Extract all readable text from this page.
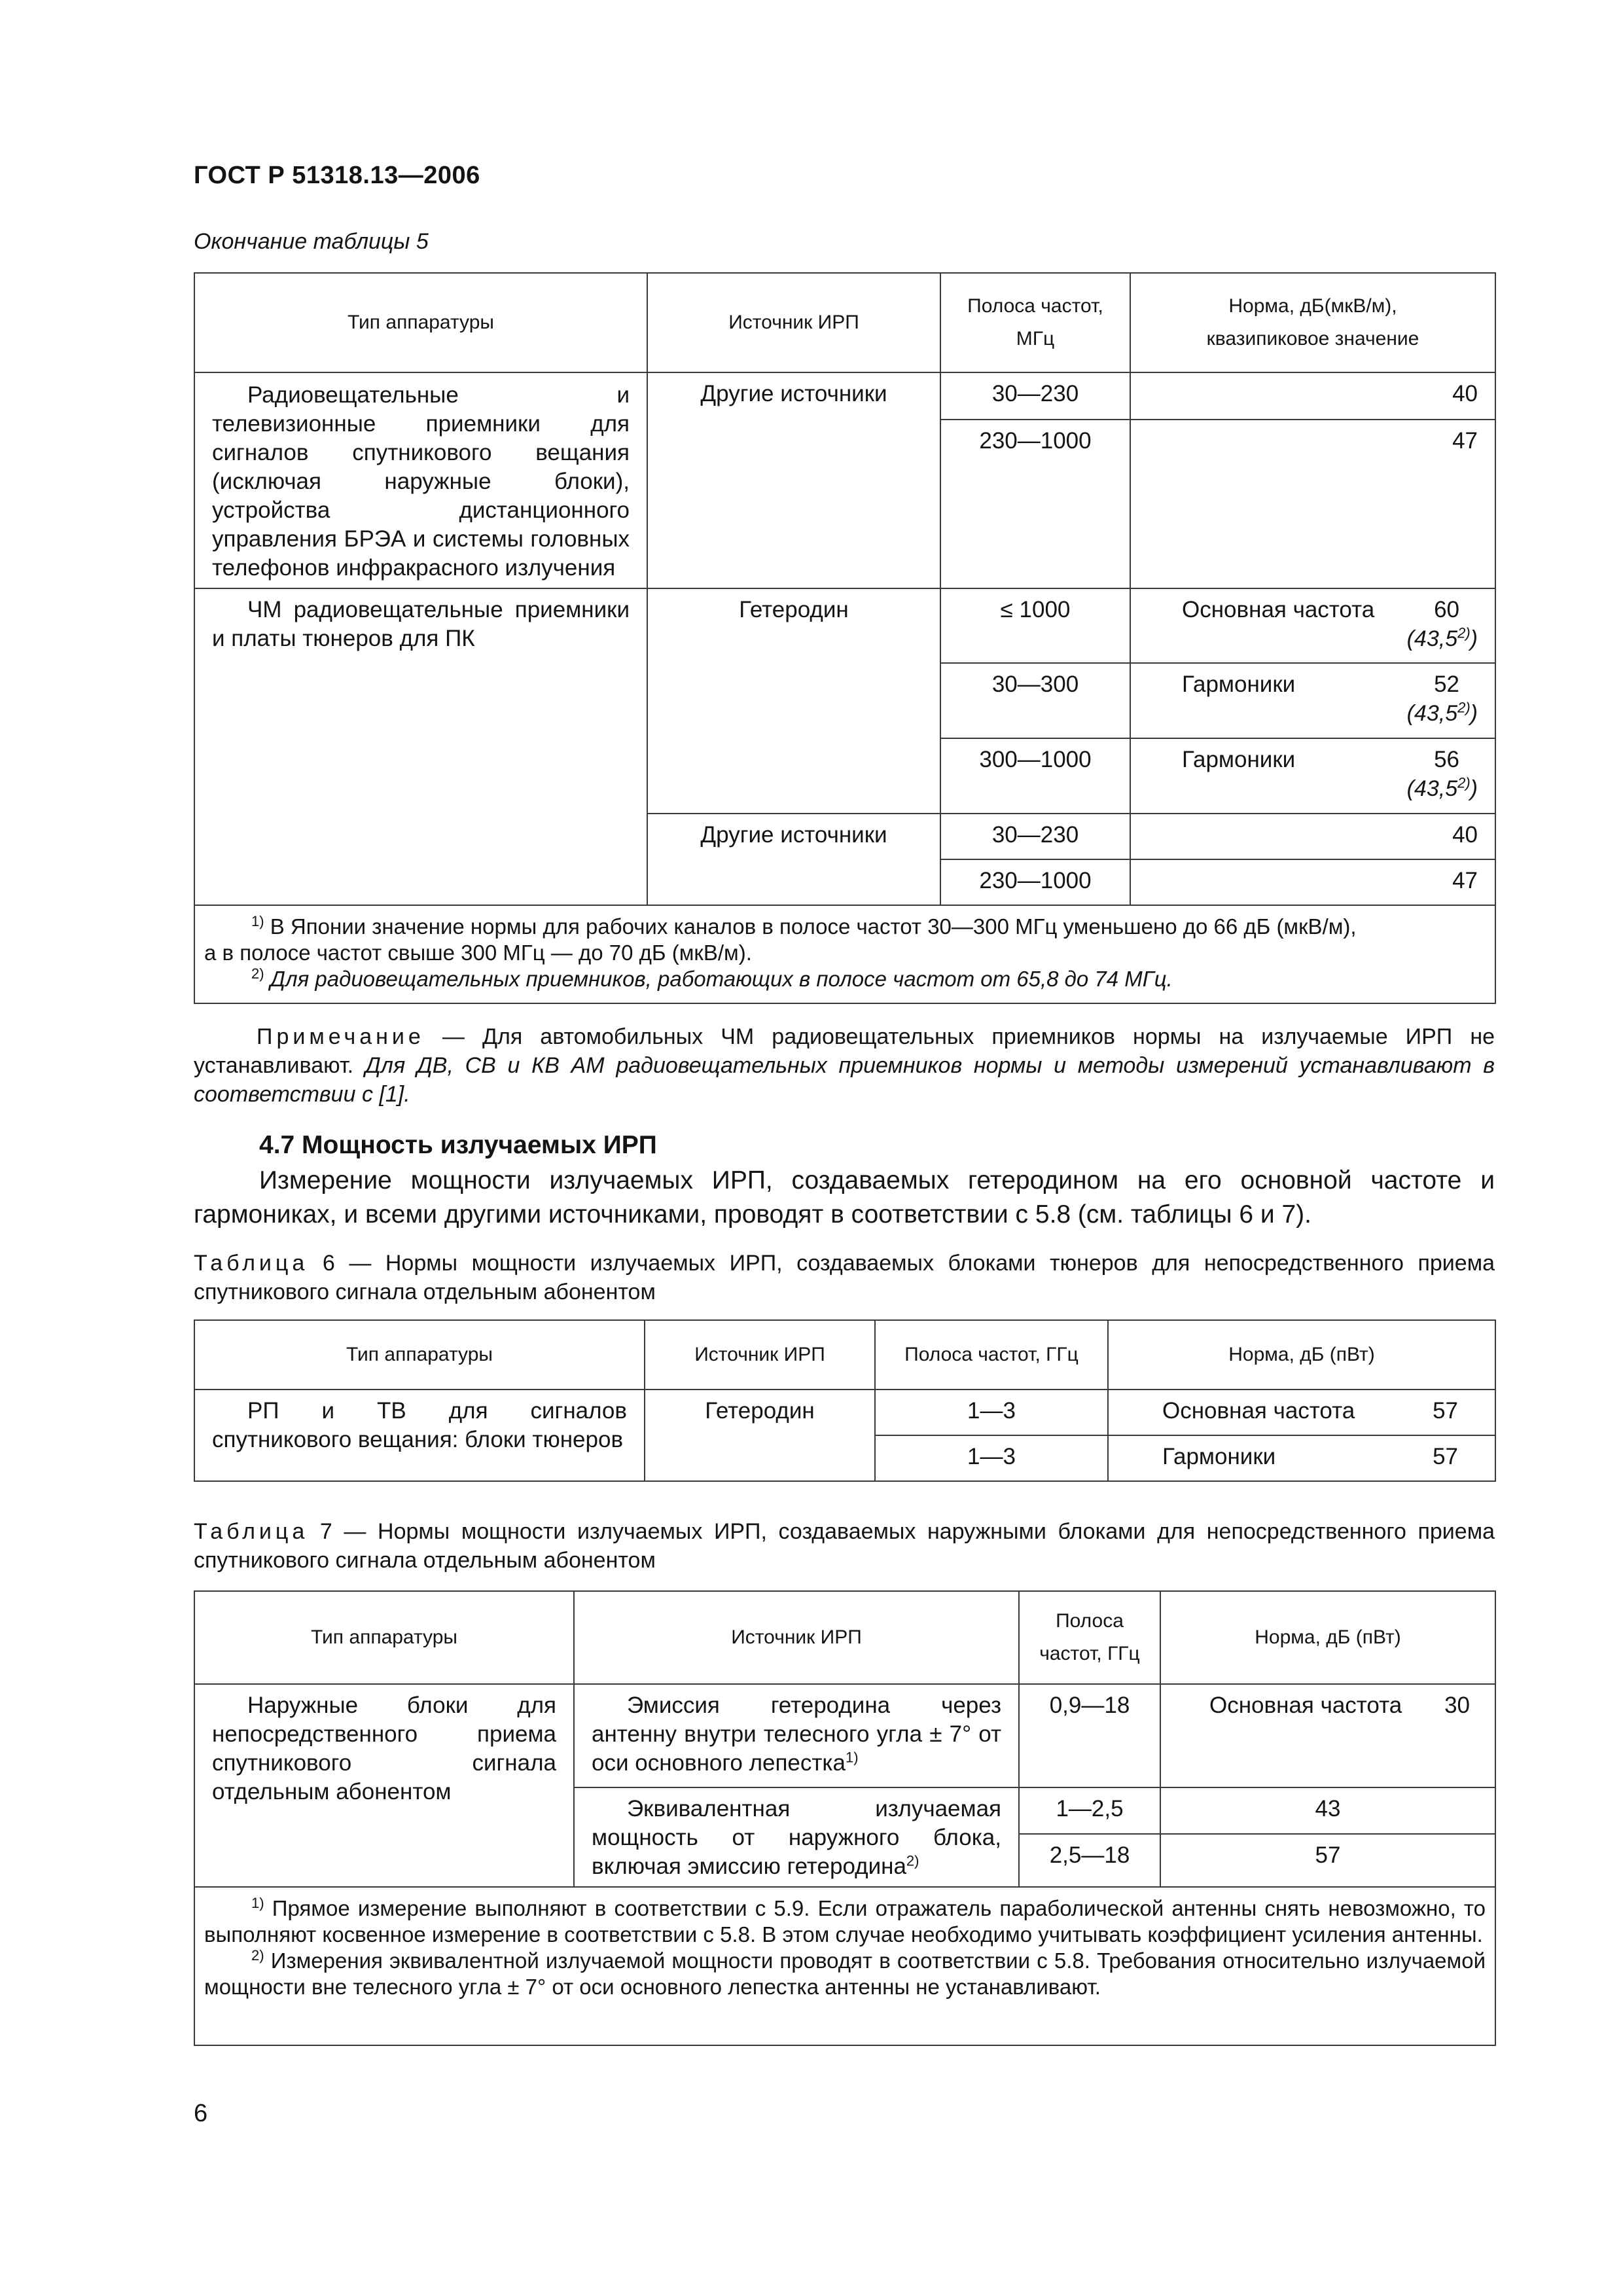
ГОСТ Р 51318.13—2006
Окончание таблицы 5
Тип аппаратуры	Источник ИРП	Полоса частот,
МГц	Норма, дБ(мкВ/м),
квазипиковое значение
Радиовещательные и телевизионные приемники для сигналов спутникового вещания (исключая наружные блоки), устройства дистанционного управления БРЭА и системы головных телефонов инфракрасного излучения	Другие источники	30—230	40
		230—1000	47
ЧМ радиовещательные приемники и платы тюнеров для ПК	Гетеродин	≤ 1000	Основная частота 60
(43,5$^{2)}$)

		30—300	Гармоники 52
(43,5$^{2)}$)

		300—1000	Гармоники 56
(43,5$^{2)}$)

	Другие источники	30—230	40
		230—1000	47

$^{1)}$ В Японии значение нормы для рабочих каналов в полосе частот 30—300 МГц уменьшено до 66 дБ (мкВ/м),
а в полосе частот свыше 300 МГц — до 70 дБ (мкВ/м).
$^{2)}$ Для радиовещательных приемников, работающих в полосе частот от 65,8 до 74 МГц.			
Примечание — Для автомобильных ЧМ радиовещательных приемников нормы на излучаемые ИРП не устанавливают. Для ДВ, СВ и КВ АМ радиовещательных приемников нормы и методы измерений устанавливают в соответствии с [1].
4.7 Мощность излучаемых ИРП
Измерение мощности излучаемых ИРП, создаваемых гетеродином на его основной частоте и гармониках, и всеми другими источниками, проводят в соответствии с 5.8 (см. таблицы 6 и 7).
Таблица 6 — Нормы мощности излучаемых ИРП, создаваемых блоками тюнеров для непосредственного приема спутникового сигнала отдельным абонентом
Тип аппаратуры	Источник ИРП	Полоса частот, ГГц	Норма, дБ (пВт)
РП и ТВ для сигналов спутникового вещания: блоки тюнеров	Гетеродин	1—3	Основная частота 57

		1—3	Гармоники 57
Таблица 7 — Нормы мощности излучаемых ИРП, создаваемых наружными блоками для непосредственного приема спутникового сигнала отдельным абонентом
Тип аппаратуры	Источник ИРП	Полоса
частот, ГГц	Норма, дБ (пВт)
Наружные блоки для непосредственного приема спутникового сигнала отдельным абонентом	Эмиссия гетеродина через антенну внутри телесного угла ± 7° от оси основного лепестка$^{1)}$	0,9—18	Основная частота 30

	Эквивалентная излучаемая мощность от наружного блока, включая эмиссию гетеродина$^{2)}$	1—2,5	43
		2,5—18	57

$^{1)}$ Прямое измерение выполняют в соответствии с 5.9. Если отражатель параболической антенны снять невозможно, то выполняют косвенное измерение в соответствии с 5.8. В этом случае необходимо учитывать коэффициент усиления антенны.
$^{2)}$ Измерения эквивалентной излучаемой мощности проводят в соответствии с 5.8. Требования относительно излучаемой мощности вне телесного угла ± 7° от оси основного лепестка антенны не устанавливают.			
6
